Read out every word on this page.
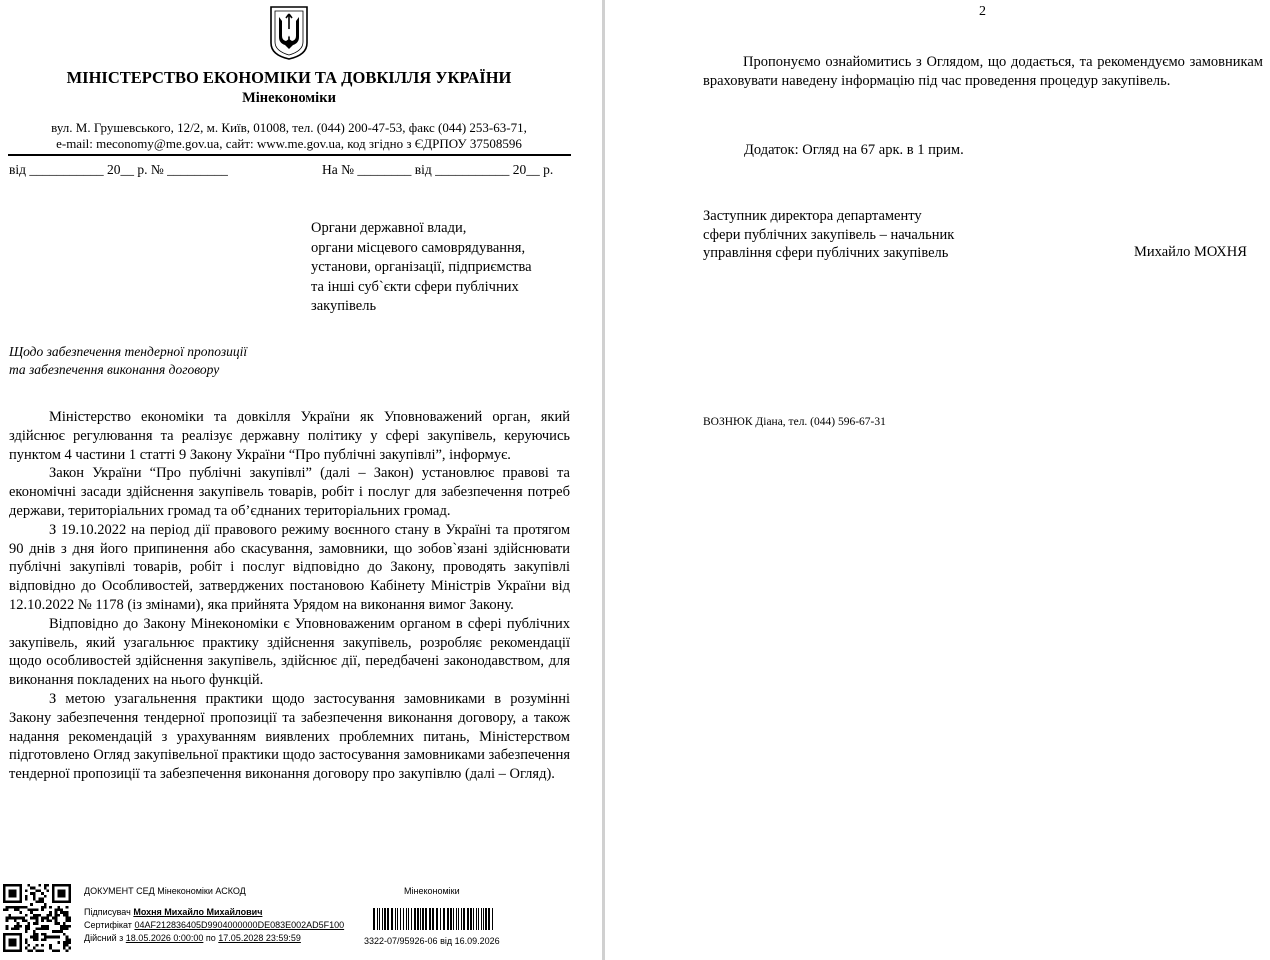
МІНІСТЕРСТВО ЕКОНОМІКИ ТА ДОВКІЛЛЯ УКРАЇНИ
Мінекономіки
вул. М. Грушевського, 12/2, м. Київ, 01008, тел. (044) 200-47-53, факс (044) 253-63-71,
e-mail: meconomy@me.gov.ua, сайт: www.me.gov.ua, код згідно з ЄДРПОУ 37508596
від ___________ 20__ р. № _________	На № ________ від ___________ 20__ р.
Органи державної влади,
органи місцевого самоврядування,
установи, організації, підприємства
та інші суб`єкти сфери публічних
закупівель
Щодо забезпечення тендерної пропозиції
та забезпечення виконання договору

Міністерство економіки та довкілля України як Уповноважений орган, який здійснює регулювання та реалізує державну політику у сфері закупівель, керуючись пунктом 4 частини 1 статті 9 Закону України “Про публічні закупівлі”, інформує.

Закон України “Про публічні закупівлі” (далі – Закон) установлює правові та економічні засади здійснення закупівель товарів, робіт і послуг для забезпечення потреб держави, територіальних громад та об’єднаних територіальних громад.

З 19.10.2022 на період дії правового режиму воєнного стану в Україні та протягом 90 днів з дня його припинення або скасування, замовники, що зобов`язані здійснювати публічні закупівлі товарів, робіт і послуг відповідно до Закону, проводять закупівлі відповідно до Особливостей, затверджених постановою Кабінету Міністрів України від 12.10.2022 № 1178 (із змінами), яка прийнята Урядом на виконання вимог Закону.

Відповідно до Закону Мінекономіки є Уповноваженим органом в сфері публічних закупівель, який узагальнює практику здійснення закупівель, розробляє рекомендації щодо особливостей здійснення закупівель, здійснює дії, передбачені законодавством, для виконання покладених на нього функцій.

З метою узагальнення практики щодо застосування замовниками в розумінні Закону забезпечення тендерної пропозиції та забезпечення виконання договору, а також надання рекомендацій з урахуванням виявлених проблемних питань, Міністерством підготовлено Огляд закупівельної практики щодо застосування замовниками забезпечення тендерної пропозиції та забезпечення виконання договору про закупівлю (далі – Огляд).

ДОКУМЕНТ СЕД Мінекономіки АСКОД	Мінекономіки
Підписувач Мохня Михайло Михайлович
Сертифікат 04AF212836405D9904000000DE083E002AD5F100
Дійсний з 18.05.2026 0:00:00 по 17.05.2028 23:59:59	3322-07/95926-06 від 16.09.2026
2

Пропонуємо ознайомитись з Оглядом, що додається, та рекомендуємо замовникам враховувати наведену інформацію під час проведення процедур закупівель.

Додаток: Огляд на 67 арк. в 1 прим.
Заступник директора департаменту
сфери публічних закупівель – начальник
управління сфери публічних закупівель	Михайло МОХНЯ
ВОЗНЮК Діана, тел. (044) 596-67-31
